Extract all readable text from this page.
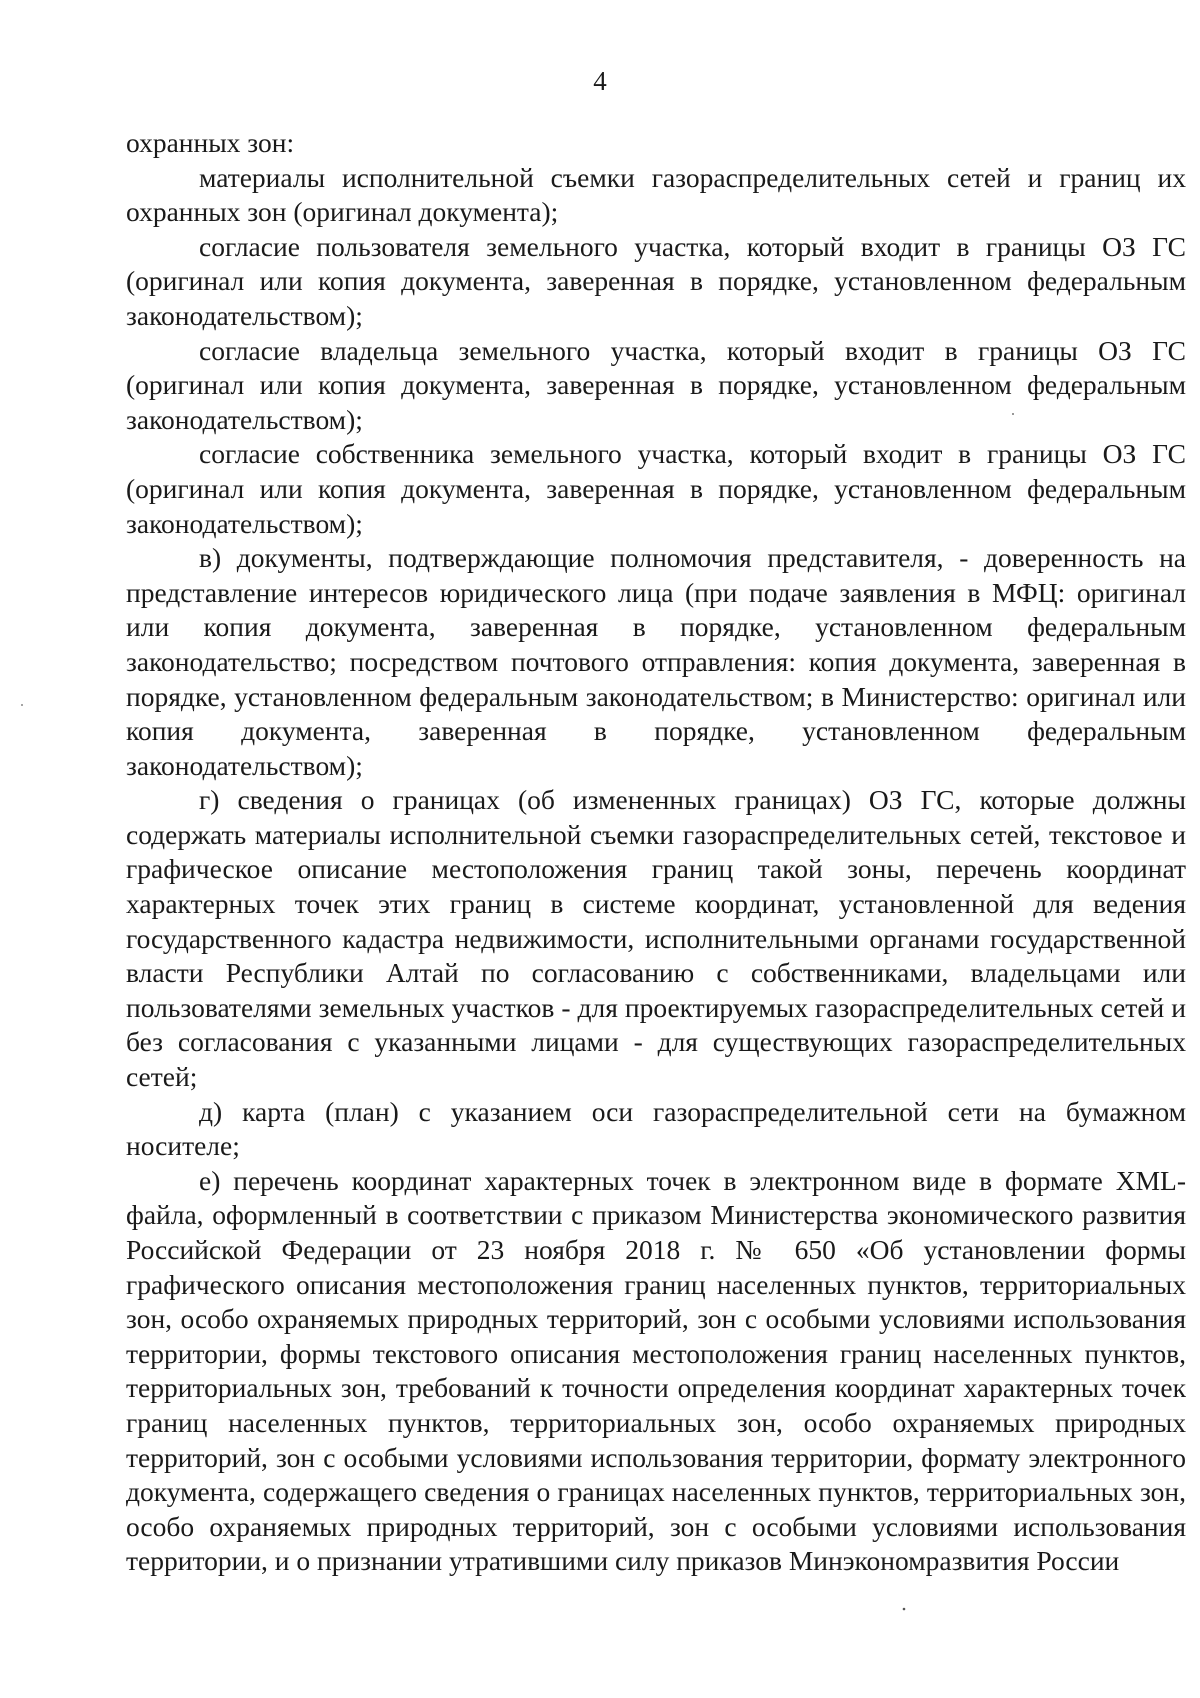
4

охранных зон:

материалы исполнительной съемки газораспределительных сетей и границ их охранных зон (оригинал документа);

согласие пользователя земельного участка, который входит в границы ОЗ ГС (оригинал или копия документа, заверенная в порядке, установленном федеральным законодательством);

согласие владельца земельного участка, который входит в границы ОЗ ГС (оригинал или копия документа, заверенная в порядке, установленном федеральным законодательством);

согласие собственника земельного участка, который входит в границы ОЗ ГС (оригинал или копия документа, заверенная в порядке, установленном федеральным законодательством);

в) документы, подтверждающие полномочия представителя, - доверенность на представление интересов юридического лица (при подаче заявления в МФЦ: оригинал или копия документа, заверенная в порядке, установленном федеральным законодательство; посредством почтового отправления: копия документа, заверенная в порядке, установленном федеральным законодательством; в Министерство: оригинал или копия документа, заверенная в порядке, установленном федеральным законодательством);

г) сведения о границах (об измененных границах) ОЗ ГС, которые должны содержать материалы исполнительной съемки газораспределительных сетей, текстовое и графическое описание местоположения границ такой зоны, перечень координат характерных точек этих границ в системе координат, установленной для ведения государственного кадастра недвижимости, исполнительными органами государственной власти Республики Алтай по согласованию с собственниками, владельцами или пользователями земельных участков - для проектируемых газораспределительных сетей и без согласования с указанными лицами - для существующих газораспределительных сетей;

д) карта (план) с указанием оси газораспределительной сети на бумажном носителе;

е) перечень координат характерных точек в электронном виде в формате XML-файла, оформленный в соответствии с приказом Министерства экономического развития Российской Федерации от 23 ноября 2018 г. № 650 «Об установлении формы графического описания местоположения границ населенных пунктов, территориальных зон, особо охраняемых природных территорий, зон с особыми условиями использования территории, формы текстового описания местоположения границ населенных пунктов, территориальных зон, требований к точности определения координат характерных точек границ населенных пунктов, территориальных зон, особо охраняемых природных территорий, зон с особыми условиями использования территории, формату электронного документа, содержащего сведения о границах населенных пунктов, территориальных зон, особо охраняемых природных территорий, зон с особыми условиями использования территории, и о признании утратившими силу приказов Минэкономразвития России
